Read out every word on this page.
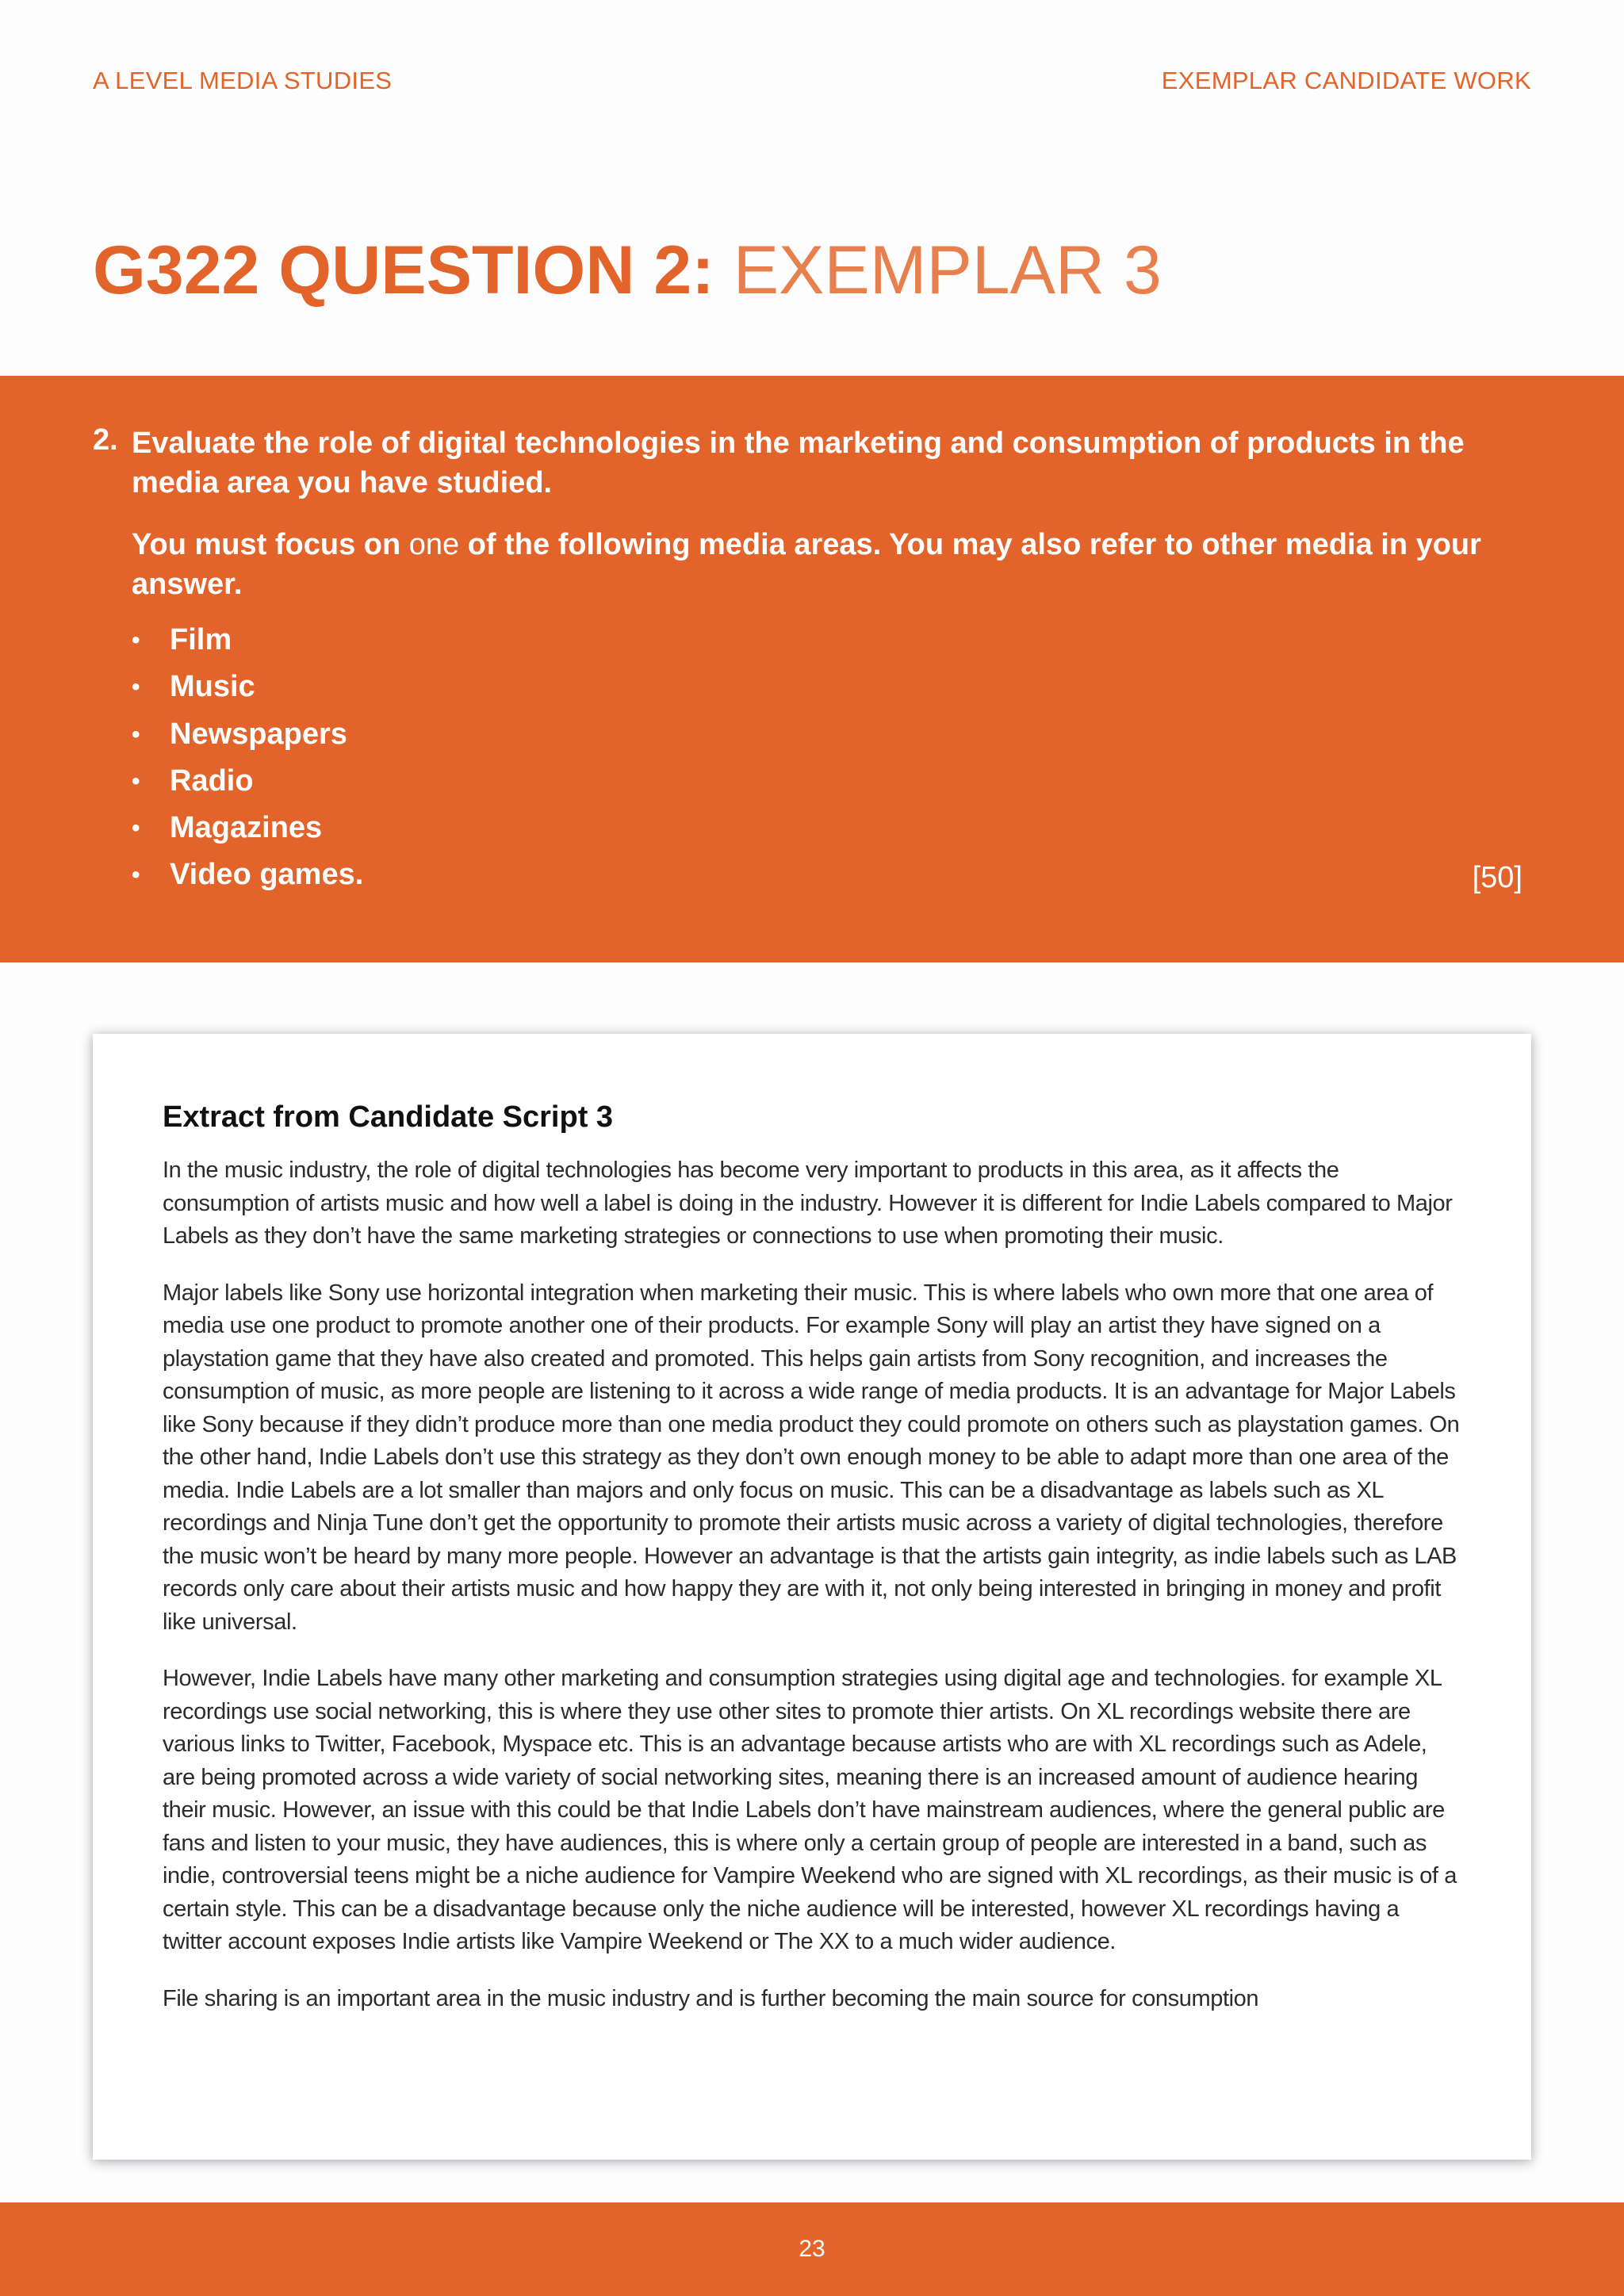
A LEVEL MEDIA STUDIES	EXEMPLAR CANDIDATE WORK
G322 QUESTION 2: EXEMPLAR 3
2. Evaluate the role of digital technologies in the marketing and consumption of products in the media area you have studied.

You must focus on one of the following media areas. You may also refer to other media in your answer.

• Film
• Music
• Newspapers
• Radio
• Magazines
• Video games.	[50]
Extract from Candidate Script 3

In the music industry, the role of digital technologies has become very important to products in this area, as it affects the consumption of artists music and how well a label is doing in the industry. However it is different for Indie Labels compared to Major Labels as they don’t have the same marketing strategies or connections to use when promoting their music.

Major labels like Sony use horizontal integration when marketing their music. This is where labels who own more that one area of media use one product to promote another one of their products. For example Sony will play an artist they have signed on a playstation game that they have also created and promoted. This helps gain artists from Sony recognition, and increases the consumption of music, as more people are listening to it across a wide range of media products. It is an advantage for Major Labels like Sony because if they didn’t produce more than one media product they could promote on others such as playstation games. On the other hand, Indie Labels don’t use this strategy as they don’t own enough money to be able to adapt more than one area of the media. Indie Labels are a lot smaller than majors and only focus on music. This can be a disadvantage as labels such as XL recordings and Ninja Tune don’t get the opportunity to promote their artists music across a variety of digital technologies, therefore the music won’t be heard by many more people. However an advantage is that the artists gain integrity, as indie labels such as LAB records only care about their artists music and how happy they are with it, not only being interested in bringing in money and profit like universal.

However, Indie Labels have many other marketing and consumption strategies using digital age and technologies. for example XL recordings use social networking, this is where they use other sites to promote thier artists. On XL recordings website there are various links to Twitter, Facebook, Myspace etc. This is an advantage because artists who are with XL recordings such as Adele, are being promoted across a wide variety of social networking sites, meaning there is an increased amount of audience hearing their music. However, an issue with this could be that Indie Labels don’t have mainstream audiences, where the general public are fans and listen to your music, they have audiences, this is where only a certain group of people are interested in a band, such as indie, controversial teens might be a niche audience for Vampire Weekend who are signed with XL recordings, as their music is of a certain style. This can be a disadvantage because only the niche audience will be interested, however XL recordings having a twitter account exposes Indie artists like Vampire Weekend or The XX to a much wider audience.

File sharing is an important area in the music industry and is further becoming the main source for consumption

23
